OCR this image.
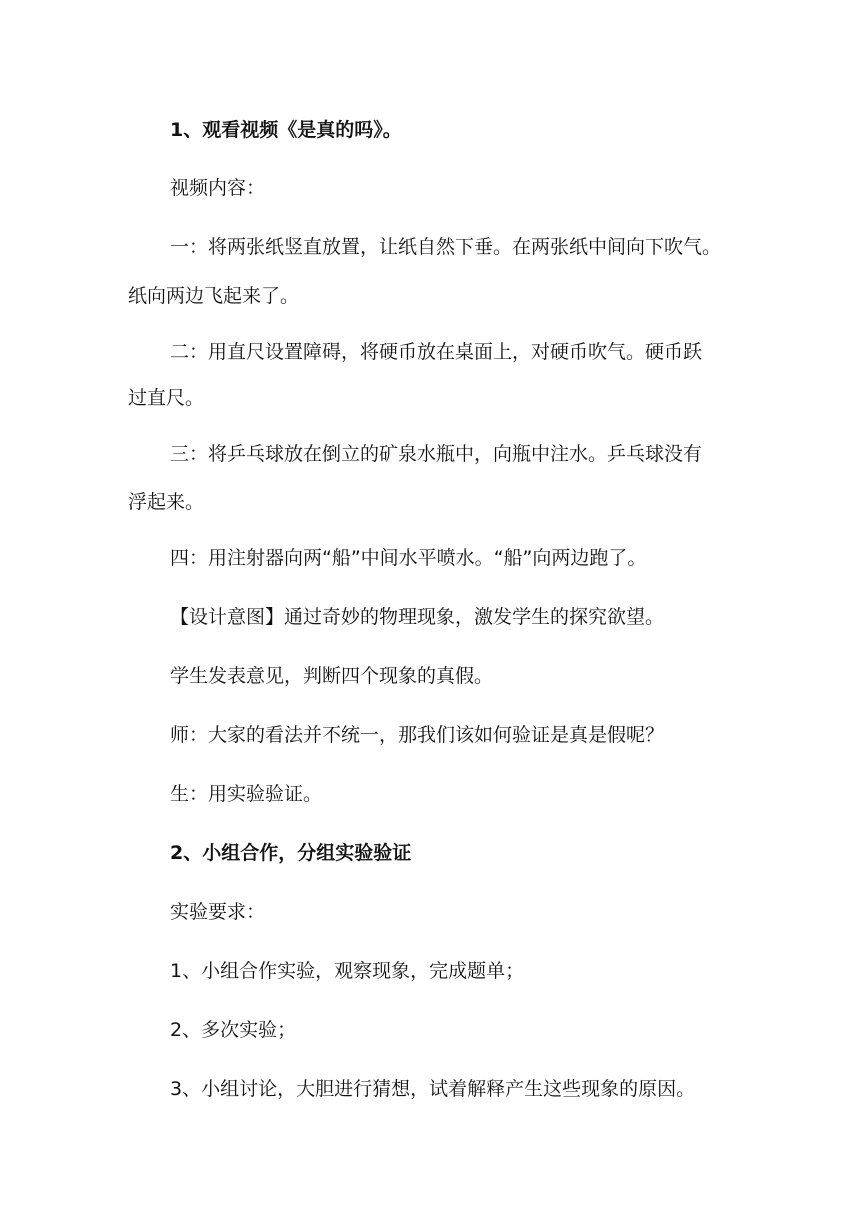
1、观看视频《是真的吗》。

视频内容：

一：将两张纸竖直放置，让纸自然下垂。在两张纸中间向下吹气。

纸向两边飞起来了。

二：用直尺设置障碍，将硬币放在桌面上，对硬币吹气。硬币跃

过直尺。

三：将乒乓球放在倒立的矿泉水瓶中，向瓶中注水。乒乓球没有

浮起来。

四：用注射器向两“船”中间水平喷水。“船”向两边跑了。

【设计意图】通过奇妙的物理现象，激发学生的探究欲望。

学生发表意见，判断四个现象的真假。

师：大家的看法并不统一，那我们该如何验证是真是假呢？

生：用实验验证。

2、小组合作，分组实验验证

实验要求：

1、小组合作实验，观察现象，完成题单；

2、多次实验；

3、小组讨论，大胆进行猜想，试着解释产生这些现象的原因。
